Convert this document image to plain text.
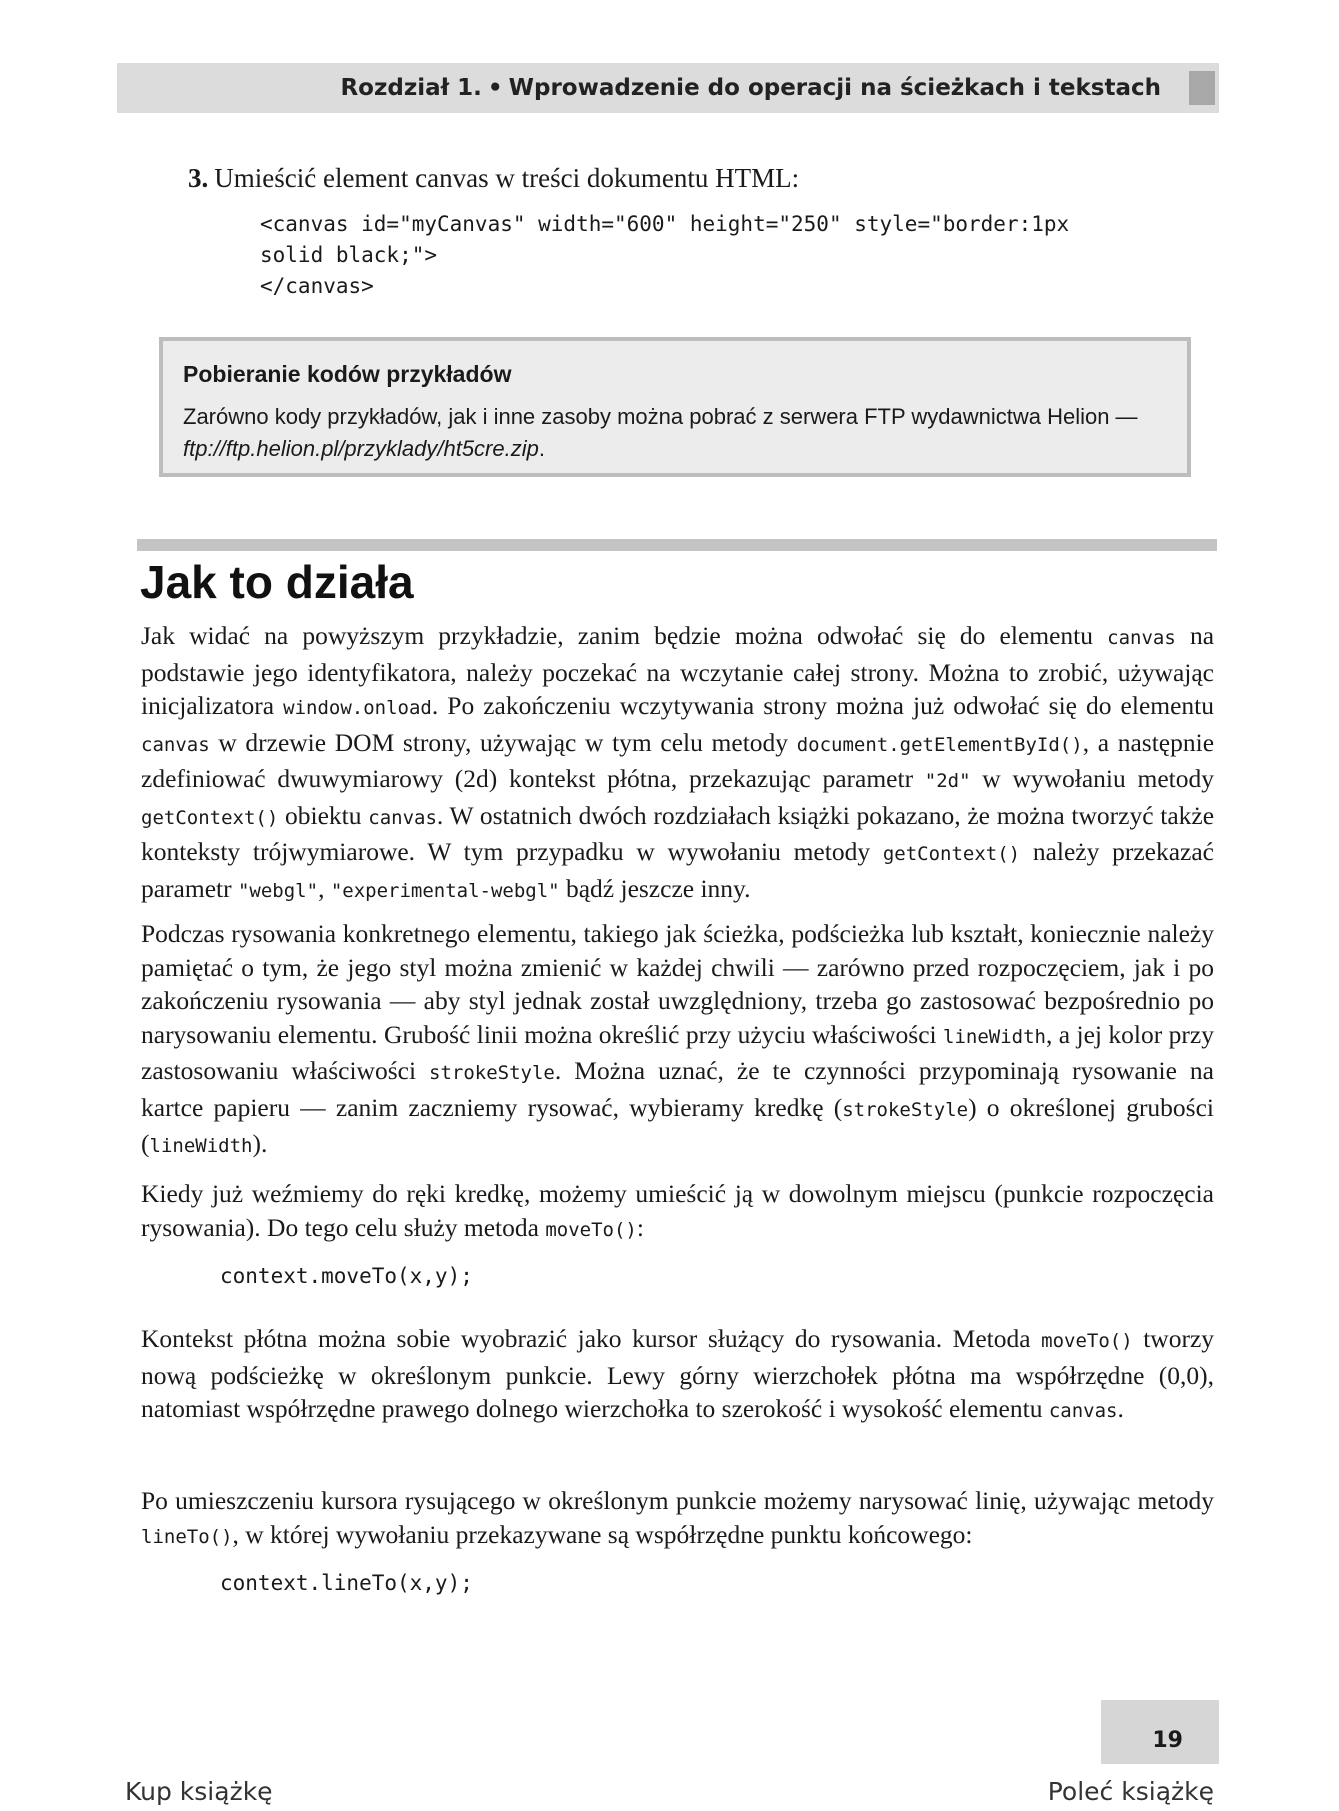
Rozdział 1. • Wprowadzenie do operacji na ścieżkach i tekstach
3. Umieścić element canvas w treści dokumentu HTML:
<canvas id="myCanvas" width="600" height="250" style="border:1px
solid black;">
</canvas>
Pobieranie kodów przykładów
Zarówno kody przykładów, jak i inne zasoby można pobrać z serwera FTP wydawnictwa Helion — ftp://ftp.helion.pl/przyklady/ht5cre.zip.
Jak to działa

Jak widać na powyższym przykładzie, zanim będzie można odwołać się do elementu canvas na podstawie jego identyfikatora, należy poczekać na wczytanie całej strony. Można to zrobić, używając inicjalizatora window.onload. Po zakończeniu wczytywania strony można już odwołać się do elementu canvas w drzewie DOM strony, używając w tym celu metody document.getElementById(), a następnie zdefiniować dwuwymiarowy (2d) kontekst płótna, przekazując parametr "2d" w wywołaniu metody getContext() obiektu canvas. W ostatnich dwóch rozdziałach książki pokazano, że można tworzyć także konteksty trójwymiarowe. W tym przypadku w wywołaniu metody getContext() należy przekazać parametr "webgl", "experimental-webgl" bądź jeszcze inny.

Podczas rysowania konkretnego elementu, takiego jak ścieżka, podścieżka lub kształt, koniecznie należy pamiętać o tym, że jego styl można zmienić w każdej chwili — zarówno przed rozpoczęciem, jak i po zakończeniu rysowania — aby styl jednak został uwzględniony, trzeba go zastosować bezpośrednio po narysowaniu elementu. Grubość linii można określić przy użyciu właściwości lineWidth, a jej kolor przy zastosowaniu właściwości strokeStyle. Można uznać, że te czynności przypominają rysowanie na kartce papieru — zanim zaczniemy rysować, wybieramy kredkę (strokeStyle) o określonej grubości (lineWidth).

Kiedy już weźmiemy do ręki kredkę, możemy umieścić ją w dowolnym miejscu (punkcie rozpoczęcia rysowania). Do tego celu służy metoda moveTo():

context.moveTo(x,y);

Kontekst płótna można sobie wyobrazić jako kursor służący do rysowania. Metoda moveTo() tworzy nową podścieżkę w określonym punkcie. Lewy górny wierzchołek płótna ma współrzędne (0,0), natomiast współrzędne prawego dolnego wierzchołka to szerokość i wysokość elementu canvas.

Po umieszczeniu kursora rysującego w określonym punkcie możemy narysować linię, używając metody lineTo(), w której wywołaniu przekazywane są współrzędne punktu końcowego:

context.lineTo(x,y);
19
Kup książkę	Poleć książkę
